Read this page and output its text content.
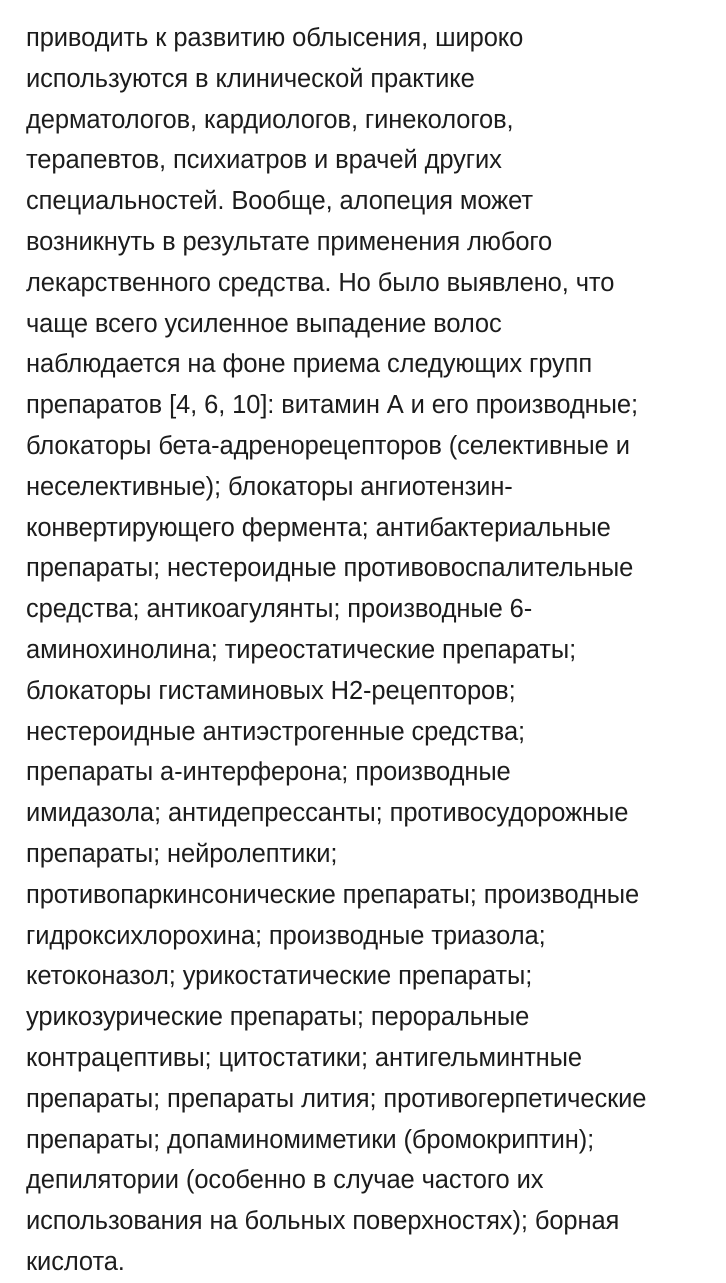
приводить к развитию облысения, широко
используются в клинической практике
дерматологов, кардиологов, гинекологов,
терапевтов, психиатров и врачей других
специальностей. Вообще, алопеция может
возникнуть в результате применения любого
лекарственного средства. Но было выявлено, что
чаще всего усиленное выпадение волос
наблюдается на фоне приема следующих групп
препаратов [4, 6, 10]: витамин А и его производные;
блокаторы бета-адренорецепторов (селективные и
неселективные); блокаторы ангиотензин-
конвертирующего фермента; антибактериальные
препараты; нестероидные противовоспалительные
средства; антикоагулянты; производные 6-
аминохинолина; тиреостатические препараты;
блокаторы гистаминовых Н2-рецепторов;
нестероидные антиэстрогенные средства;
препараты a-интерферона; производные
имидазола; антидепрессанты; противосудорожные
препараты; нейролептики;
противопаркинсонические препараты; производные
гидроксихлорохина; производные триазола;
кетоконазол; урикостатические препараты;
урикозурические препараты; пероральные
контрацептивы; цитостатики; антигельминтные
препараты; препараты лития; противогерпетические
препараты; допаминомиметики (бромокриптин);
депилятории (особенно в случае частого их
использования на больных поверхностях); борная
кислота.
